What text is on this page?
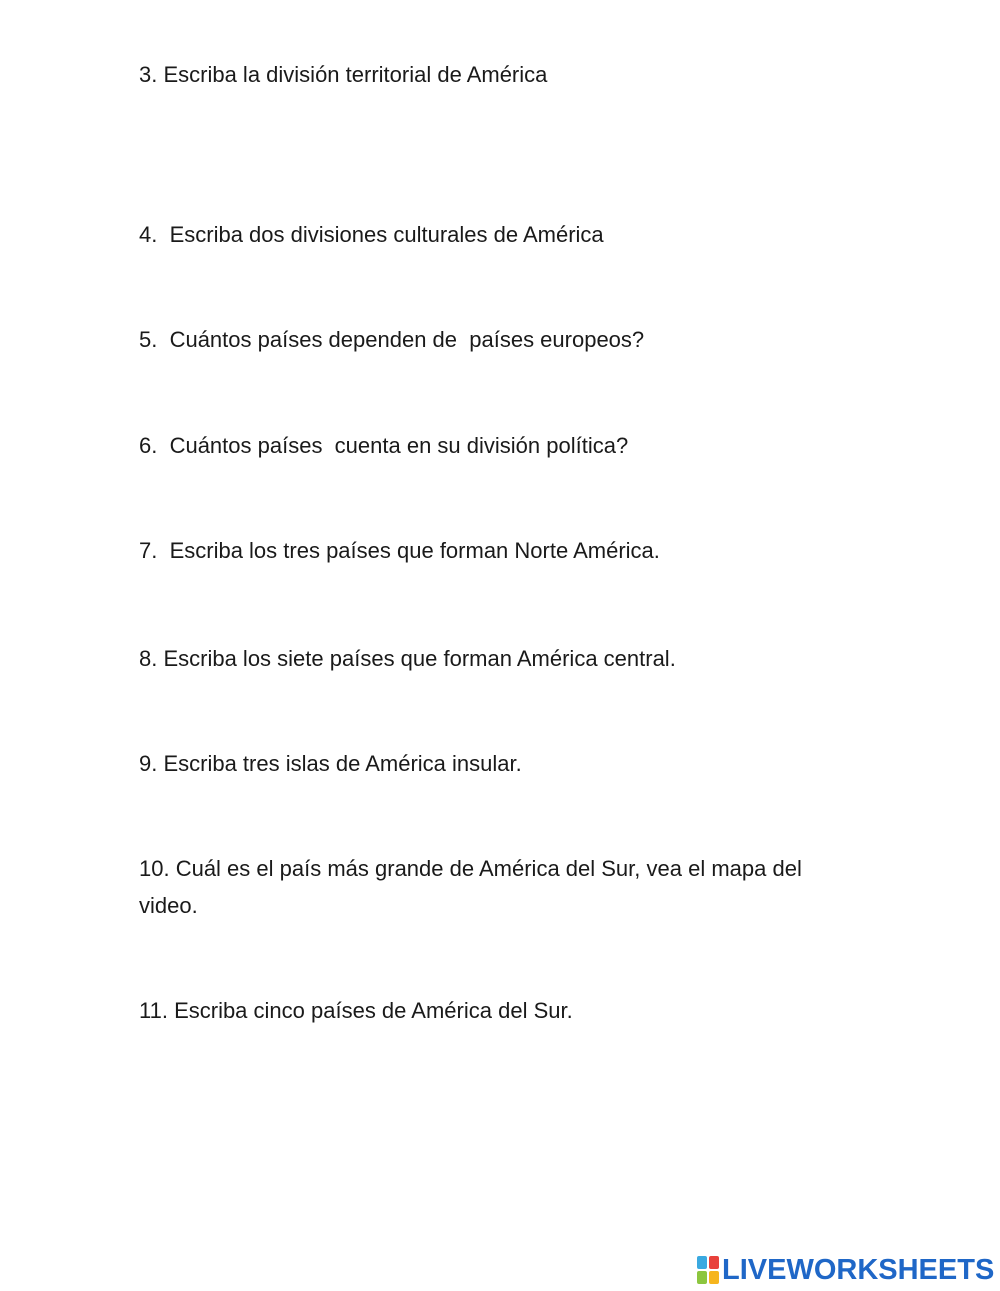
3. Escriba la división territorial de América

4.  Escriba dos divisiones culturales de América

5.  Cuántos países dependen de  países europeos?

6.  Cuántos países  cuenta en su división política?

7.  Escriba los tres países que forman Norte América.

8. Escriba los siete países que forman América central.

9. Escriba tres islas de América insular.

10. Cuál es el país más grande de América del Sur, vea el mapa del video.

11. Escriba cinco países de América del Sur.

LIVEWORKSHEETS
